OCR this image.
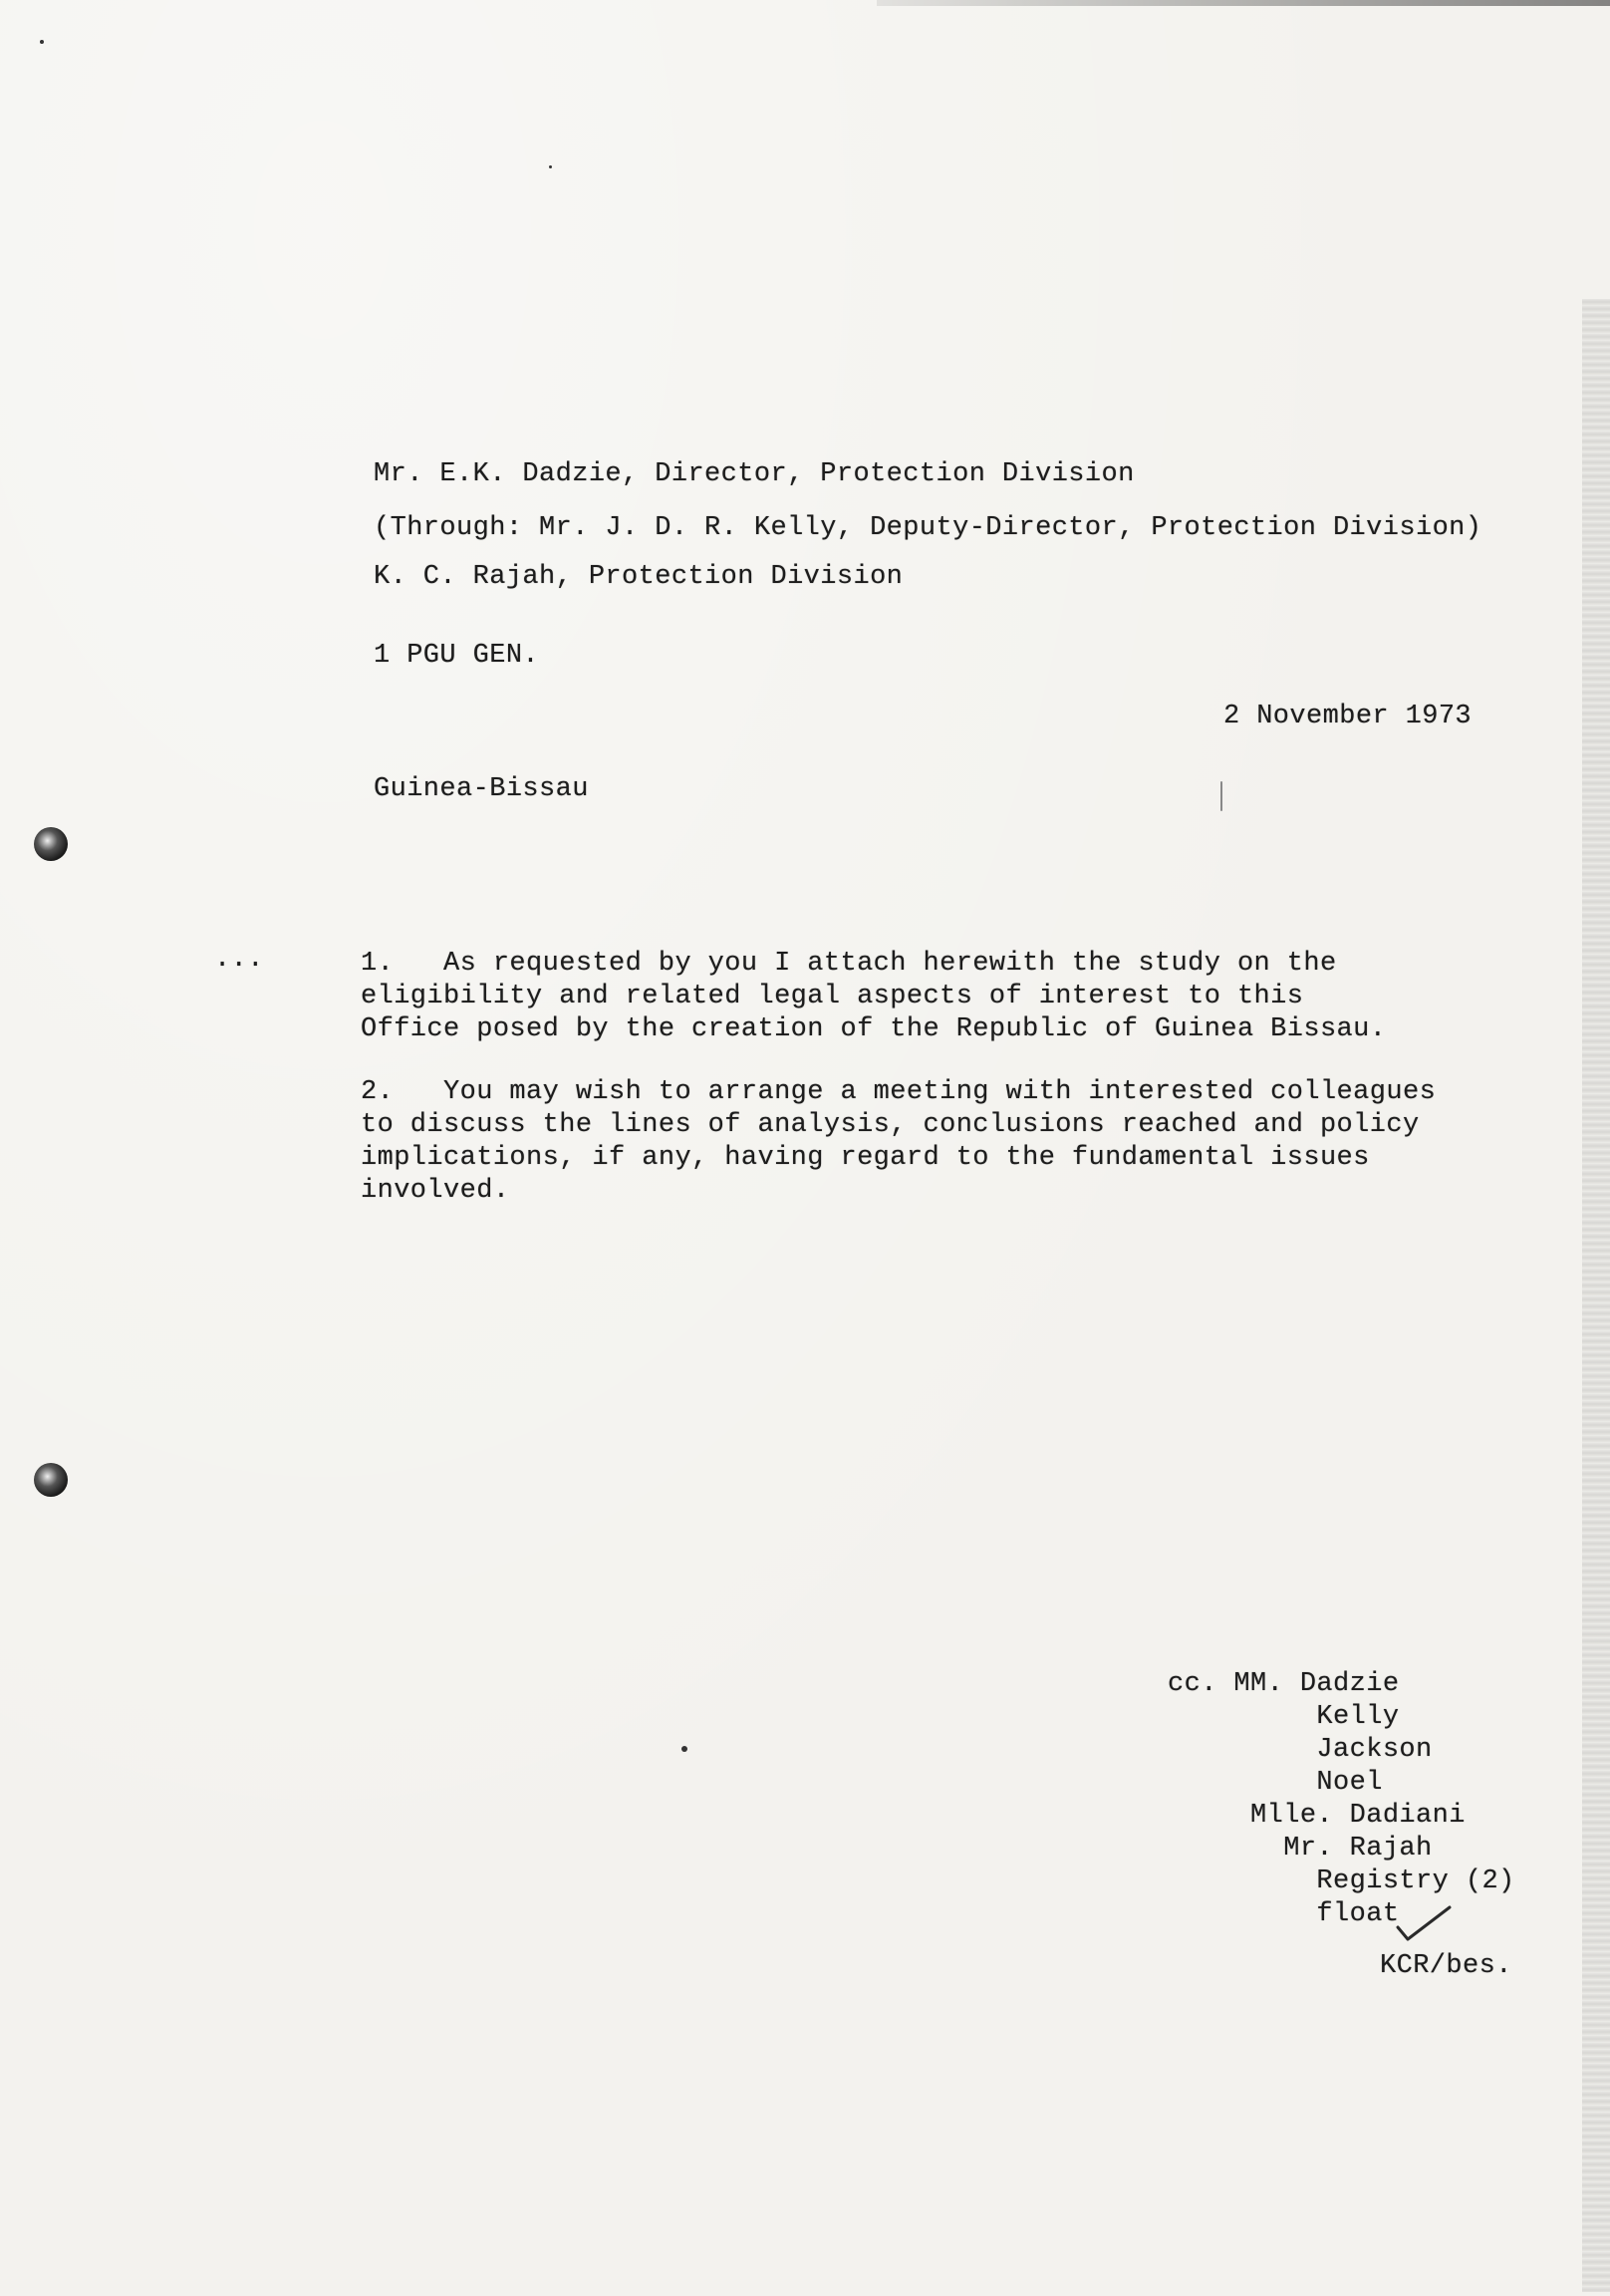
Mr. E.K. Dadzie, Director, Protection Division
(Through: Mr. J. D. R. Kelly, Deputy-Director, Protection Division)
K. C. Rajah, Protection Division
1 PGU GEN.
2 November 1973
Guinea-Bissau
...	1.   As requested by you I attach herewith the study on the
eligibility and related legal aspects of interest to this
Office posed by the creation of the Republic of Guinea Bissau.
2.   You may wish to arrange a meeting with interested colleagues
to discuss the lines of analysis, conclusions reached and policy
implications, if any, having regard to the fundamental issues
involved.
cc. MM. Dadzie
Kelly
Jackson
Noel
Mlle. Dadiani
Mr. Rajah
Registry (2)
float
KCR/bes.
